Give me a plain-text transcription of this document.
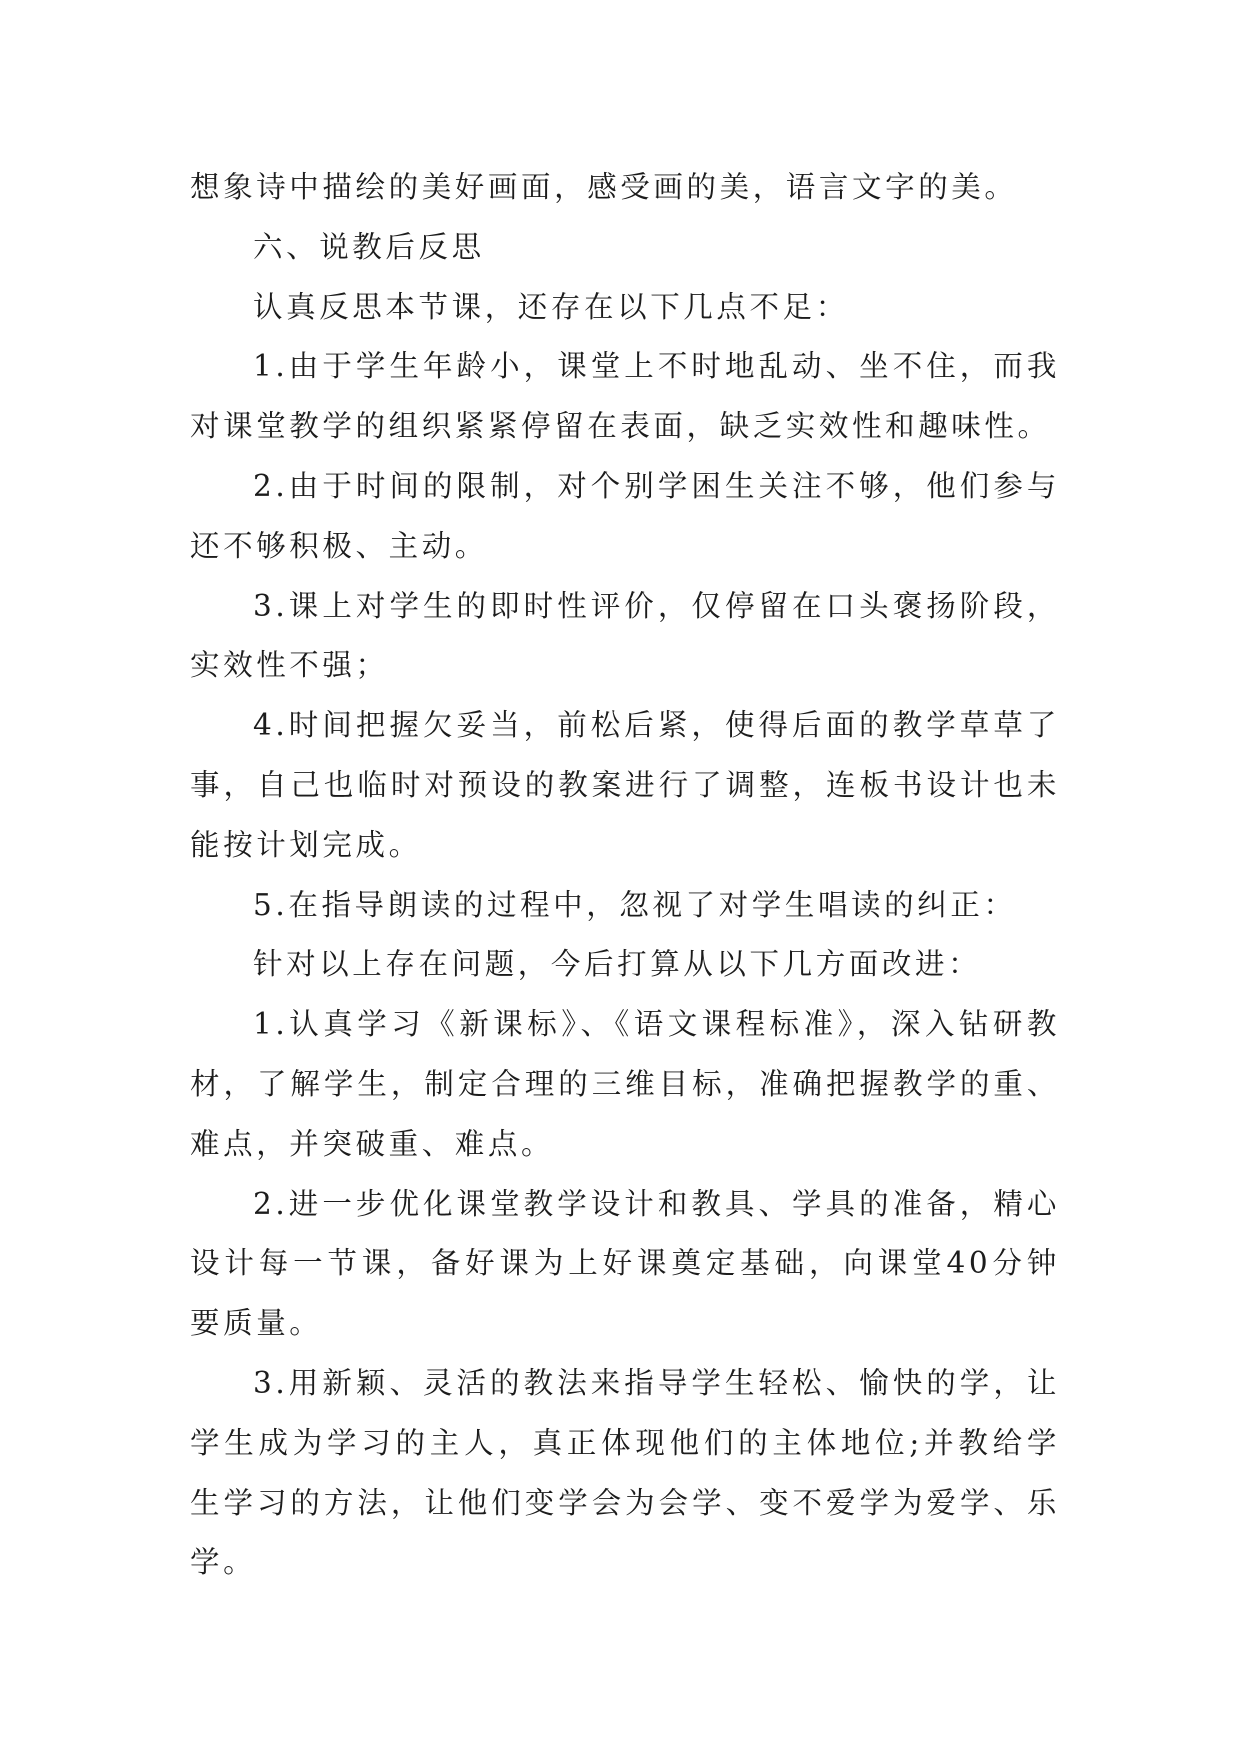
想象诗中描绘的美好画面，感受画的美，语言文字的美。

六、说教后反思

认真反思本节课，还存在以下几点不足：

1.由于学生年龄小，课堂上不时地乱动、坐不住，而我对课堂教学的组织紧紧停留在表面，缺乏实效性和趣味性。

2.由于时间的限制，对个别学困生关注不够，他们参与还不够积极、主动。

3.课上对学生的即时性评价，仅停留在口头褒扬阶段，实效性不强；

4.时间把握欠妥当，前松后紧，使得后面的教学草草了事，自己也临时对预设的教案进行了调整，连板书设计也未能按计划完成。

5.在指导朗读的过程中，忽视了对学生唱读的纠正：

针对以上存在问题，今后打算从以下几方面改进：

1.认真学习《新课标》、《语文课程标准》，深入钻研教材，了解学生，制定合理的三维目标，准确把握教学的重、难点，并突破重、难点。

2.进一步优化课堂教学设计和教具、学具的准备，精心设计每一节课，备好课为上好课奠定基础，向课堂40分钟要质量。

3.用新颖、灵活的教法来指导学生轻松、愉快的学，让学生成为学习的主人，真正体现他们的主体地位;并教给学生学习的方法，让他们变学会为会学、变不爱学为爱学、乐学。
